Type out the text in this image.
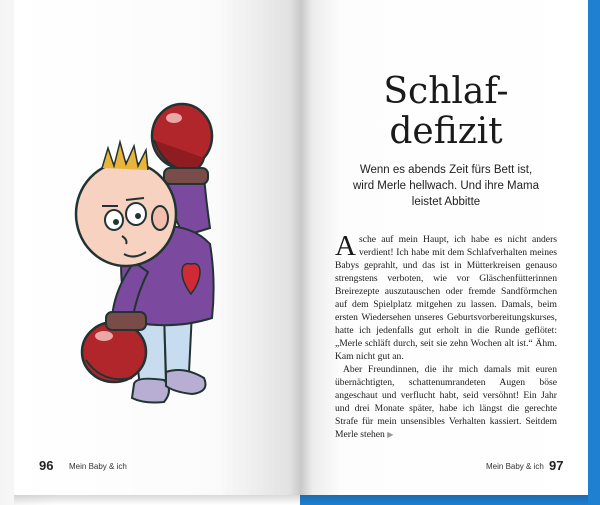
96 Mein Baby & ich
Schlaf-
defizit
Wenn es abends Zeit fürs Bett ist,
wird Merle hellwach. Und ihre Mama
leistet Abbitte

Asche auf mein Haupt, ich habe es nicht anders verdient! Ich habe mit dem Schlafverhalten meines Babys geprahlt, und das ist in Mütterkreisen genauso strengstens verboten, wie vor Gläschenfütterinnen Breirezepte auszutauschen oder fremde Sandförmchen auf dem Spielplatz mitgehen zu lassen. Damals, beim ersten Wiedersehen unseres Geburtsvorbereitungskurses, hatte ich jedenfalls gut erholt in die Runde geflötet: „Merle schläft durch, seit sie zehn Wochen alt ist.“ Ähm. Kam nicht gut an.

Aber Freundinnen, die ihr mich damals mit euren übernächtigten, schattenumrandeten Augen böse angeschaut und verflucht habt, seid versöhnt! Ein Jahr und drei Monate später, habe ich längst die gerechte Strafe für mein unsensibles Verhalten kassiert. Seitdem Merle stehen ▶

Mein Baby & ich 97
